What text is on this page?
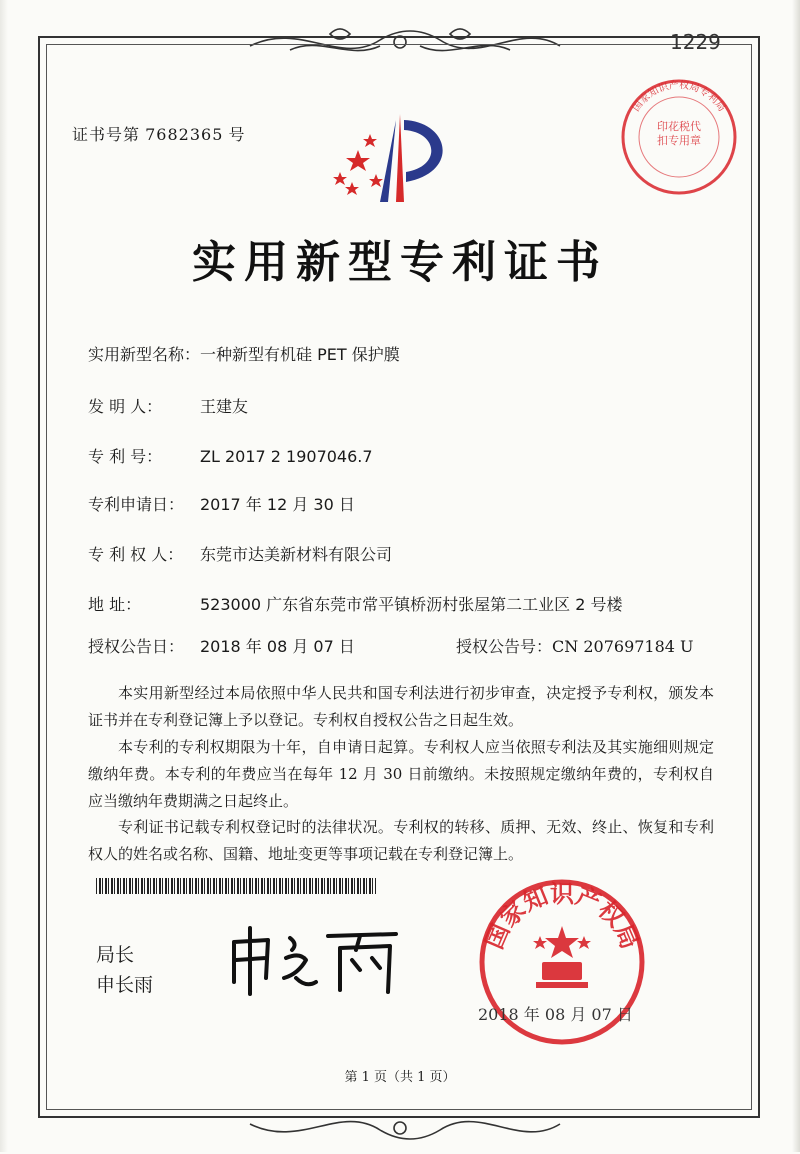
1229
证书号第 7682365 号
实用新型专利证书
实用新型名称：一种新型有机硅 PET 保护膜
发 明 人： 王建友
专 利 号： ZL 2017 2 1907046.7
专利申请日： 2017 年 12 月 30 日
专 利 权 人： 东莞市达美新材料有限公司
地 址：	523000 广东省东莞市常平镇桥沥村张屋第二工业区 2 号楼
授权公告日： 2018 年 08 月 07 日	授权公告号：CN 207697184 U
本实用新型经过本局依照中华人民共和国专利法进行初步审查，决定授予专利权，颁发本证书并在专利登记簿上予以登记。专利权自授权公告之日起生效。
本专利的专利权期限为十年，自申请日起算。专利权人应当依照专利法及其实施细则规定缴纳年费。本专利的年费应当在每年 12 月 30 日前缴纳。未按照规定缴纳年费的，专利权自应当缴纳年费期满之日起终止。
专利证书记载专利权登记时的法律状况。专利权的转移、质押、无效、终止、恢复和专利权人的姓名或名称、国籍、地址变更等事项记载在专利登记簿上。
局长
申长雨
国家知识产权局
2018 年 08 月 07 日
国家知识产权局专利局
印花税代扣专用章
第 1 页（共 1 页）
